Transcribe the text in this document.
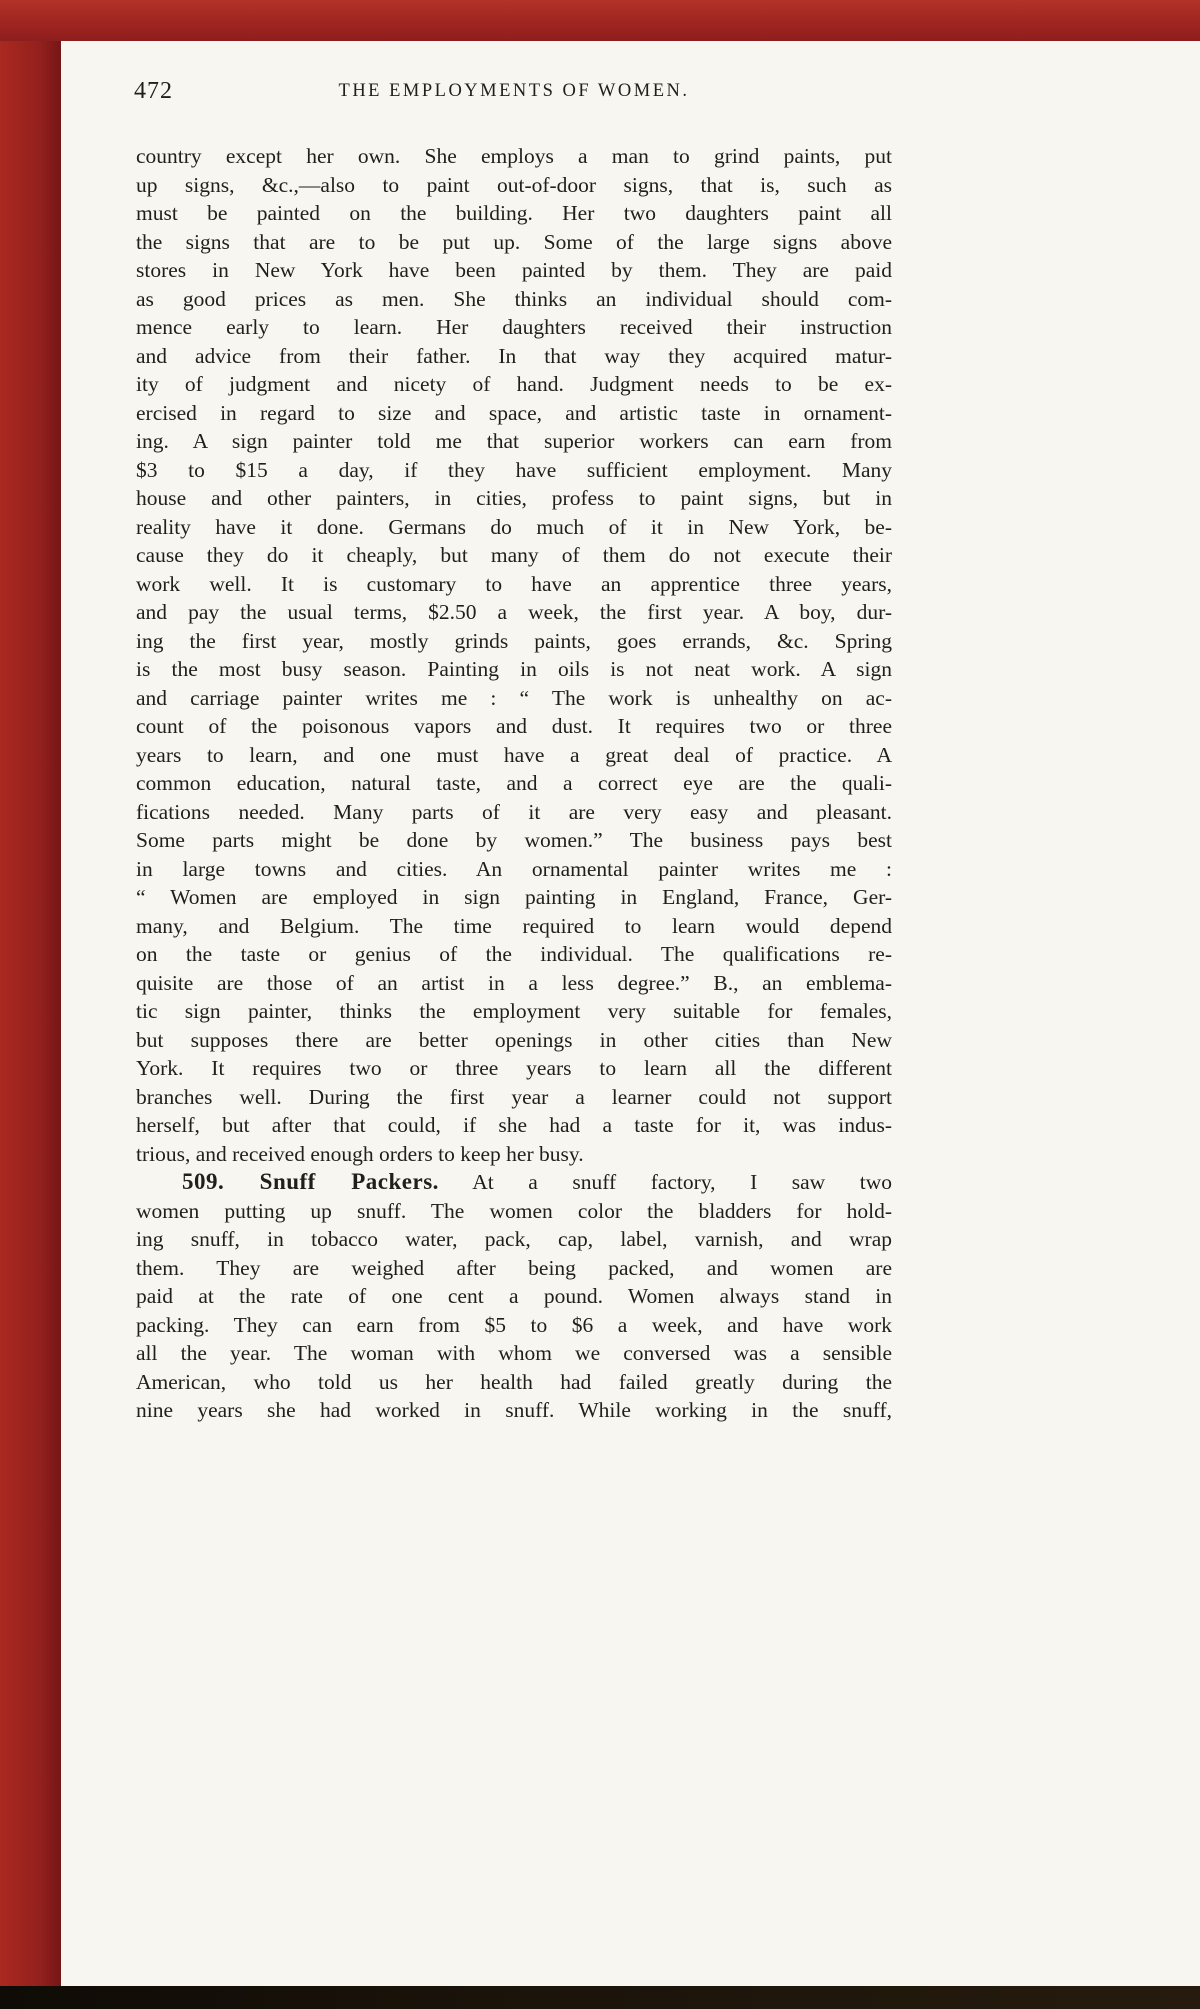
472	THE EMPLOYMENTS OF WOMEN.
country except her own. She employs a man to grind paints, put
up signs, &c.,—also to paint out-of-door signs, that is, such as
must be painted on the building. Her two daughters paint all
the signs that are to be put up. Some of the large signs above
stores in New York have been painted by them. They are paid
as good prices as men. She thinks an individual should com-
mence early to learn. Her daughters received their instruction
and advice from their father. In that way they acquired matur-
ity of judgment and nicety of hand. Judgment needs to be ex-
ercised in regard to size and space, and artistic taste in ornament-
ing. A sign painter told me that superior workers can earn from
$3 to $15 a day, if they have sufficient employment. Many
house and other painters, in cities, profess to paint signs, but in
reality have it done. Germans do much of it in New York, be-
cause they do it cheaply, but many of them do not execute their
work well. It is customary to have an apprentice three years,
and pay the usual terms, $2.50 a week, the first year. A boy, dur-
ing the first year, mostly grinds paints, goes errands, &c. Spring
is the most busy season. Painting in oils is not neat work. A sign
and carriage painter writes me : “ The work is unhealthy on ac-
count of the poisonous vapors and dust. It requires two or three
years to learn, and one must have a great deal of practice. A
common education, natural taste, and a correct eye are the quali-
fications needed. Many parts of it are very easy and pleasant.
Some parts might be done by women.” The business pays best
in large towns and cities. An ornamental painter writes me :
“ Women are employed in sign painting in England, France, Ger-
many, and Belgium. The time required to learn would depend
on the taste or genius of the individual. The qualifications re-
quisite are those of an artist in a less degree.” B., an emblema-
tic sign painter, thinks the employment very suitable for females,
but supposes there are better openings in other cities than New
York. It requires two or three years to learn all the different
branches well. During the first year a learner could not support
herself, but after that could, if she had a taste for it, was indus-
trious, and received enough orders to keep her busy.
509. Snuff Packers. At a snuff factory, I saw two
women putting up snuff. The women color the bladders for hold-
ing snuff, in tobacco water, pack, cap, label, varnish, and wrap
them. They are weighed after being packed, and women are
paid at the rate of one cent a pound. Women always stand in
packing. They can earn from $5 to $6 a week, and have work
all the year. The woman with whom we conversed was a sensible
American, who told us her health had failed greatly during the
nine years she had worked in snuff. While working in the snuff,
